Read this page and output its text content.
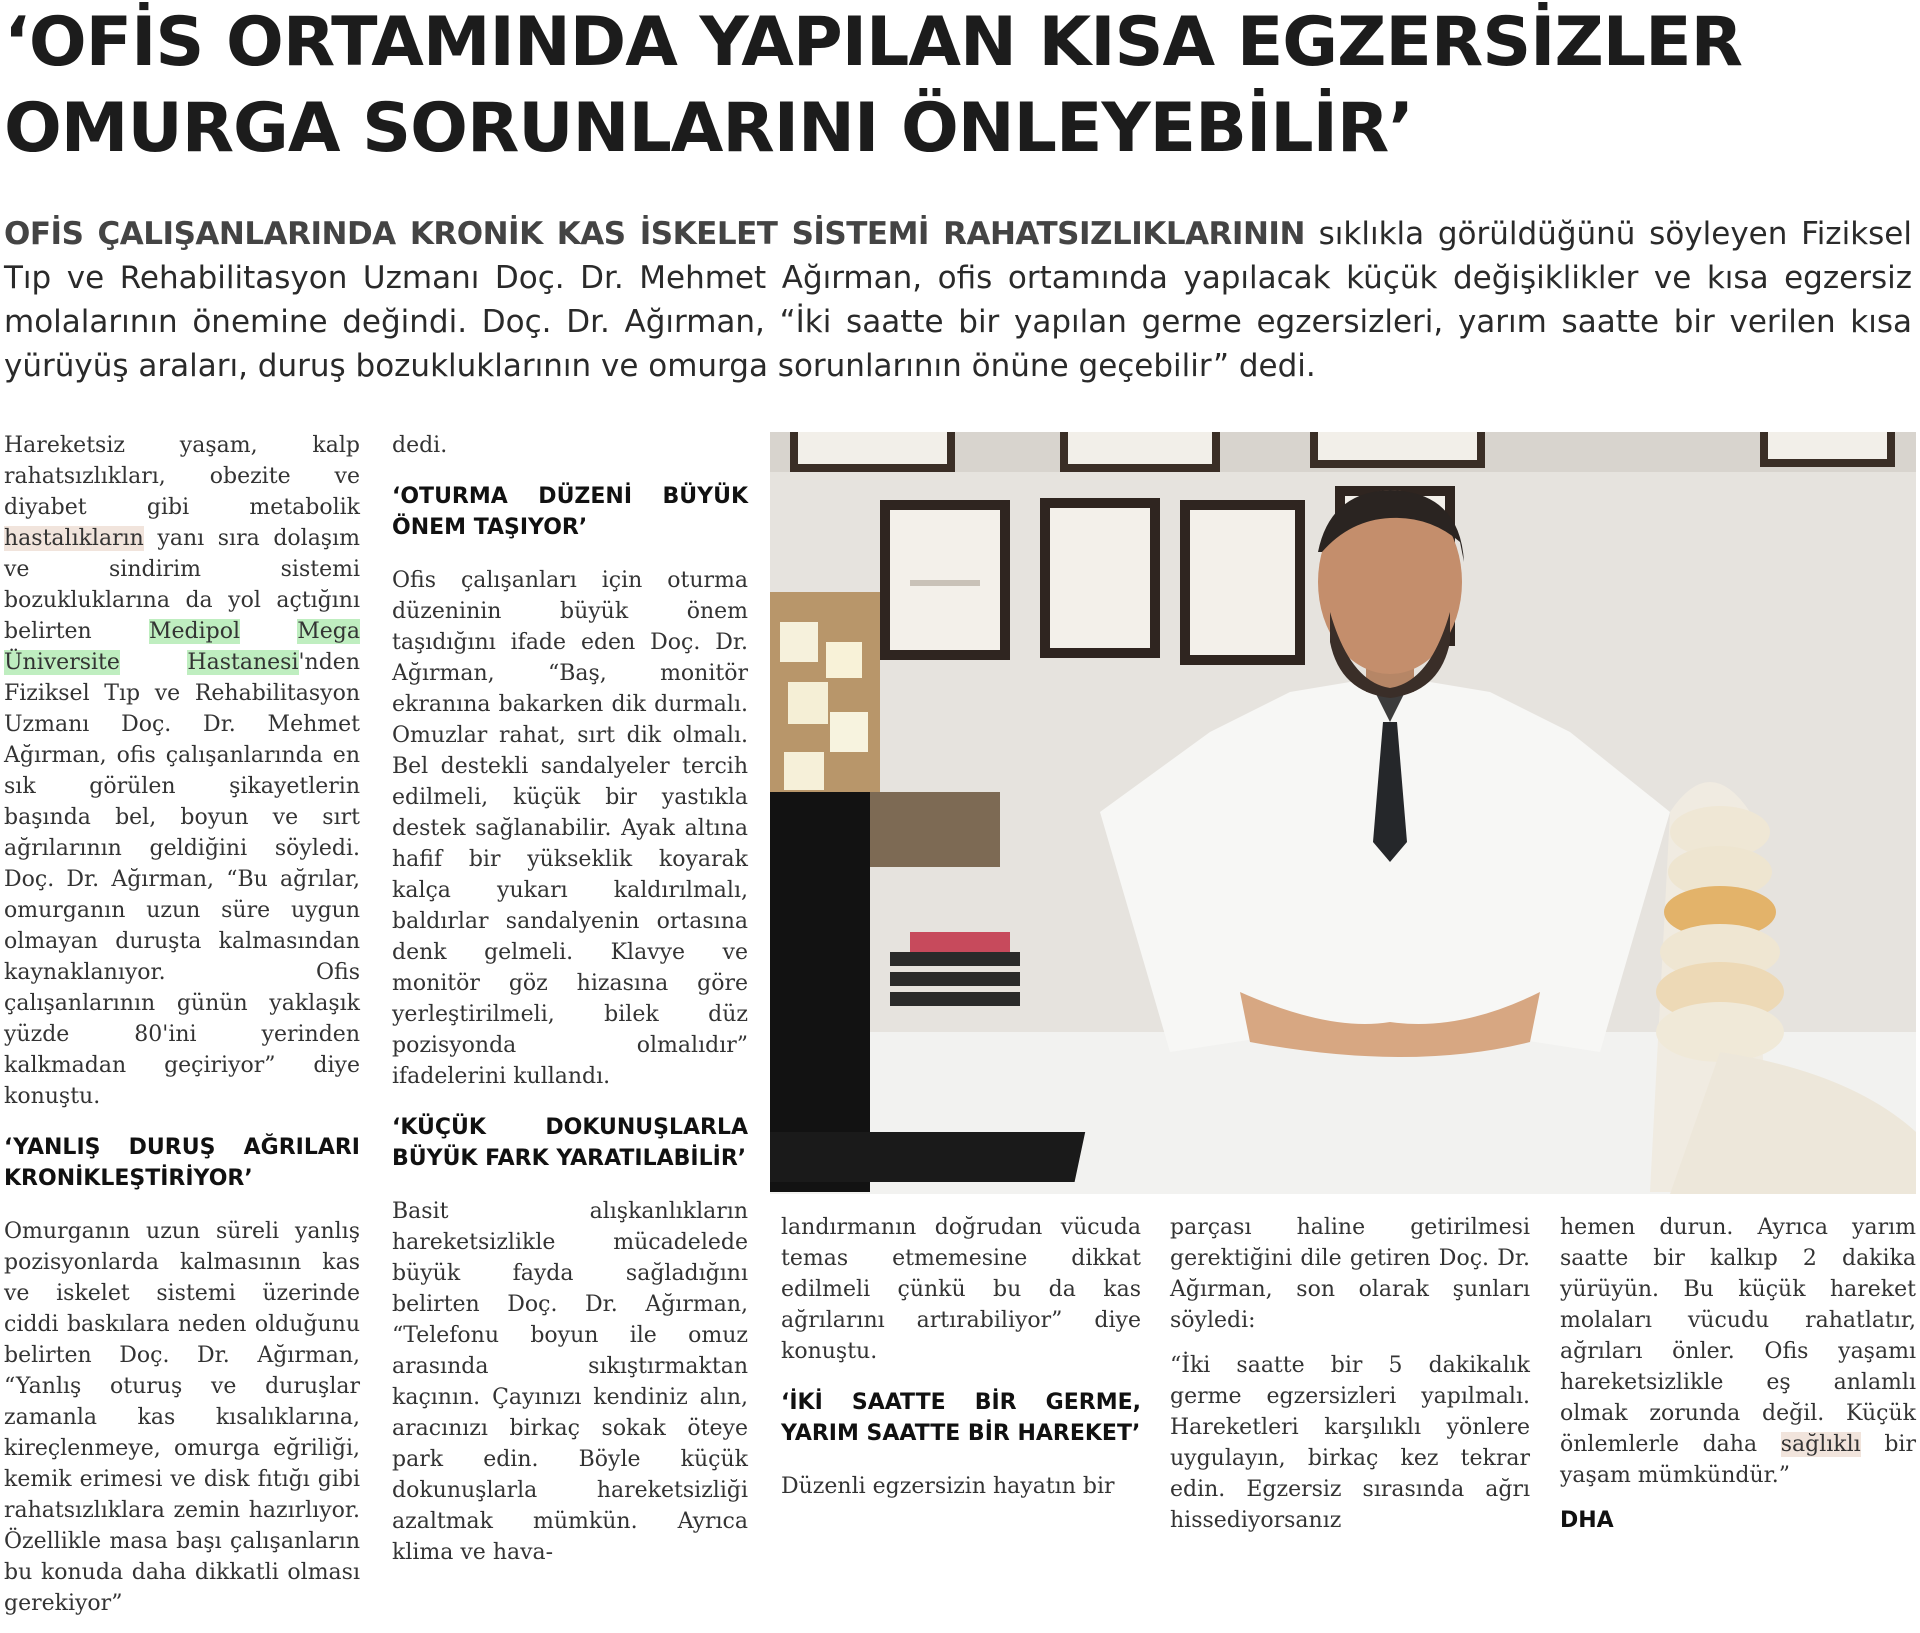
‘OFİS ORTAMINDA YAPILAN KISA EGZERSİZLER
OMURGA SORUNLARINI ÖNLEYEBİLİR’

OFİS ÇALIŞANLARINDA KRONİK KAS İSKELET SİSTEMİ RAHATSIZLIKLARININ sıklıkla görüldüğünü söyleyen Fiziksel Tıp ve Rehabilitasyon Uzmanı Doç. Dr. Mehmet Ağırman, ofis ortamında yapılacak küçük değişiklikler ve kısa egzersiz molalarının önemine değindi. Doç. Dr. Ağırman, “İki saatte bir yapılan germe egzersizleri, yarım saatte bir verilen kısa yürüyüş araları, duruş bozukluklarının ve omurga sorunlarının önüne geçebilir” dedi.

Hareketsiz yaşam, kalp rahatsızlıkları, obezite ve diyabet gibi metabolik hastalıkların yanı sıra dolaşım ve sindirim sistemi bozukluklarına da yol açtığını belirten Medipol	Mega Üniversite	Hastanesi'nden Fiziksel Tıp ve Rehabilitasyon Uzmanı Doç. Dr. Mehmet Ağırman, ofis çalışanlarında en sık görülen şikayetlerin başında bel, boyun ve sırt ağrılarının geldiğini söyledi. Doç. Dr. Ağırman, “Bu ağrılar, omurganın uzun süre uygun olmayan duruşta kalmasından kaynaklanıyor. Ofis çalışanlarının günün yaklaşık yüzde 80'ini yerinden kalkmadan geçiriyor” diye konuştu.

‘YANLIŞ DURUŞ AĞRILARI KRONİKLEŞTİRİYOR’

Omurganın uzun süreli yanlış pozisyonlarda kalmasının kas ve iskelet sistemi üzerinde ciddi baskılara neden olduğunu belirten Doç. Dr. Ağırman, “Yanlış oturuş ve duruşlar zamanla kas kısalıklarına, kireçlenmeye, omurga eğriliği, kemik erimesi ve disk fıtığı gibi rahatsızlıklara zemin hazırlıyor. Özellikle masa başı çalışanların bu konuda daha dikkatli olması gerekiyor”

dedi.

‘OTURMA DÜZENİ BÜYÜK ÖNEM TAŞIYOR’

Ofis çalışanları için oturma düzeninin büyük önem taşıdığını ifade eden Doç. Dr. Ağırman, “Baş, monitör ekranına bakarken dik durmalı. Omuzlar rahat, sırt dik olmalı. Bel destekli sandalyeler tercih edilmeli, küçük bir yastıkla destek sağlanabilir. Ayak altına hafif bir yükseklik koyarak kalça yukarı kaldırılmalı, baldırlar sandalyenin ortasına denk gelmeli. Klavye ve monitör göz hizasına göre yerleştirilmeli, bilek düz pozisyonda olmalıdır” ifadelerini kullandı.

‘KÜÇÜK DOKUNUŞLARLA BÜYÜK FARK YARATILABİLİR’

Basit alışkanlıkların hareketsizlikle mücadelede büyük fayda sağladığını belirten Doç. Dr. Ağırman, “Telefonu boyun ile omuz arasında sıkıştırmaktan kaçının. Çayınızı kendiniz alın, aracınızı birkaç sokak öteye park edin. Böyle küçük dokunuşlarla hareketsizliği azaltmak mümkün. Ayrıca klima ve hava-

landırmanın doğrudan vücuda temas etmemesine dikkat edilmeli çünkü bu da kas ağrılarını artırabiliyor” diye konuştu.

‘İKİ SAATTE BİR GERME, YARIM SAATTE BİR HAREKET’

Düzenli egzersizin hayatın bir

parçası haline getirilmesi gerektiğini dile getiren Doç. Dr. Ağırman, son olarak şunları söyledi:

“İki saatte bir 5 dakikalık germe egzersizleri yapılmalı. Hareketleri karşılıklı yönlere uygulayın, birkaç kez tekrar edin. Egzersiz sırasında ağrı hissediyorsanız

hemen durun. Ayrıca yarım saatte bir kalkıp 2 dakika yürüyün. Bu küçük hareket molaları vücudu rahatlatır, ağrıları önler. Ofis yaşamı hareketsizlikle eş anlamlı olmak zorunda değil. Küçük önlemlerle daha sağlıklı bir yaşam mümkündür.”

DHA
